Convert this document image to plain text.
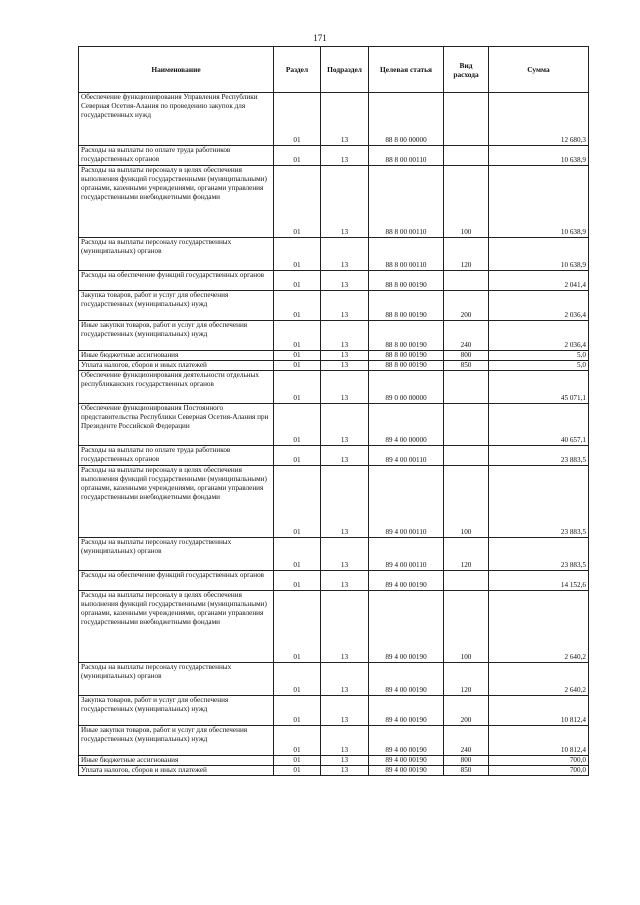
171
Наименование	Раздел	Подраздел	Целевая статья	Вид расхода	Сумма
Обеспечение функционирования Управления Республики Северная Осетия-Алания по проведению закупок для государственных нужд	01	13	88 8 00 00000		12 680,3
Расходы на выплаты по оплате труда работников государственных органов	01	13	88 8 00 00110		10 638,9
Расходы на выплаты персоналу в целях обеспечения выполнения функций государственными (муниципальными) органами, казенными учреждениями, органами управления государственными внебюджетными фондами	01	13	88 8 00 00110	100	10 638,9
Расходы на выплаты персоналу государственных (муниципальных) органов	01	13	88 8 00 00110	120	10 638,9
Расходы на обеспечение функций государственных органов	01	13	88 8 00 00190		2 041,4
Закупка товаров, работ и услуг для обеспечения государственных (муниципальных) нужд	01	13	88 8 00 00190	200	2 036,4
Иные закупки товаров, работ и услуг для обеспечения государственных (муниципальных) нужд	01	13	88 8 00 00190	240	2 036,4
Иные бюджетные ассигнования	01	13	88 8 00 00190	800	5,0
Уплата налогов, сборов и иных платежей	01	13	88 8 00 00190	850	5,0
Обеспечение функционирования деятельности отдельных республиканских государственных органов	01	13	89 0 00 00000		45 071,1
Обеспечение функционирования Постоянного представительства Республики Северная Осетия-Алания при Президенте Российской Федерации	01	13	89 4 00 00000		40 657,1
Расходы на выплаты по оплате труда работников государственных органов	01	13	89 4 00 00110		23 883,5
Расходы на выплаты персоналу в целях обеспечения выполнения функций государственными (муниципальными) органами, казенными учреждениями, органами управления государственными внебюджетными фондами	01	13	89 4 00 00110	100	23 883,5
Расходы на выплаты персоналу государственных (муниципальных) органов	01	13	89 4 00 00110	120	23 883,5
Расходы на обеспечение функций государственных органов	01	13	89 4 00 00190		14 152,6
Расходы на выплаты персоналу в целях обеспечения выполнения функций государственными (муниципальными) органами, казенными учреждениями, органами управления государственными внебюджетными фондами	01	13	89 4 00 00190	100	2 640,2
Расходы на выплаты персоналу государственных (муниципальных) органов	01	13	89 4 00 00190	120	2 640,2
Закупка товаров, работ и услуг для обеспечения государственных (муниципальных) нужд	01	13	89 4 00 00190	200	10 812,4
Иные закупки товаров, работ и услуг для обеспечения государственных (муниципальных) нужд	01	13	89 4 00 00190	240	10 812,4
Иные бюджетные ассигнования	01	13	89 4 00 00190	800	700,0
Уплата налогов, сборов и иных платежей	01	13	89 4 00 00190	850	700,0
